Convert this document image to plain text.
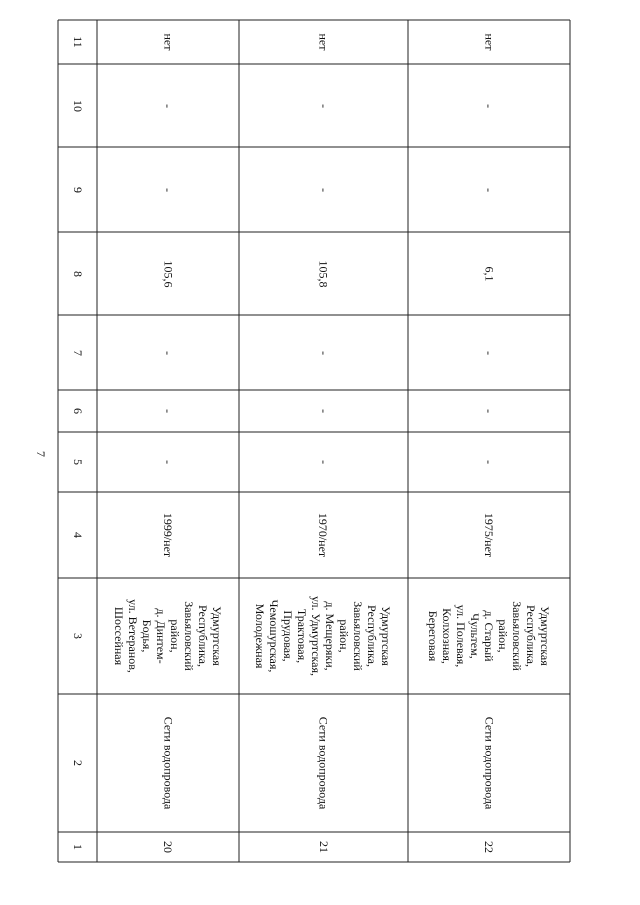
7
1
2
3
4
5
6
7
8
9
10
11
20
Сети водопровода
Удмуртская
Республика,
Завьяловский
район,
д. Динтем-
Бодья,
ул. Ветеранов,
Шоссейная
1999/нет
-
-
-
105,6
-
-
нет
21
Сети водопровода
Удмуртская
Республика,
Завьяловский
район,
д. Мещеряки,
ул. Удмуртская,
Трактовая,
Прудовая,
Чемошурская,
Молодежная
1970/нет
-
-
-
105,8
-
-
нет
22
Сети водопровода
Удмуртская
Республика,
Завьяловский
район,
д. Старый
Чультем,
ул. Полевая,
Колхозная,
Береговая
1975/нет
-
-
-
6,1
-
-
нет
